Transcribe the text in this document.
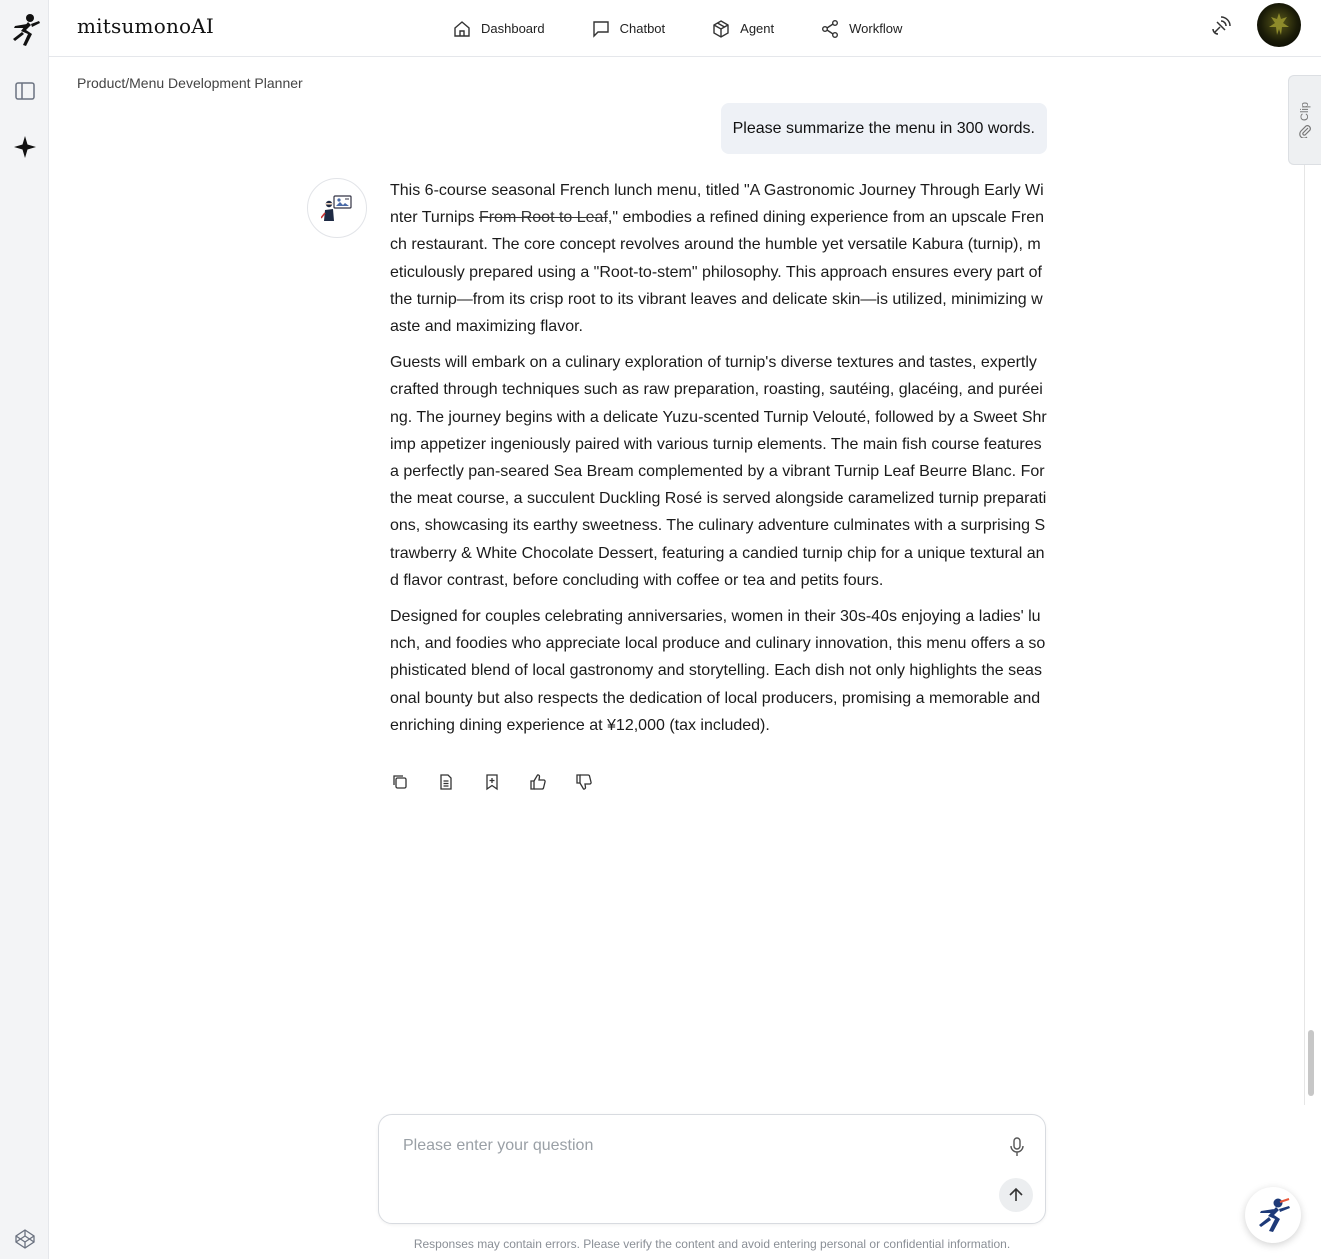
mitsumonoAI	Dashboard	Chatbot	Agent	Workflow
Product/Menu Development Planner
Clip
Please summarize the menu in 300 words.

This 6-course seasonal French lunch menu, titled "A Gastronomic Journey Through Early Winter Turnips From Root to Leaf," embodies a refined dining experience from an upscale French restaurant. The core concept revolves around the humble yet versatile Kabura (turnip), meticulously prepared using a "Root-to-stem" philosophy. This approach ensures every part of the turnip—from its crisp root to its vibrant leaves and delicate skin—is utilized, minimizing waste and maximizing flavor.

Guests will embark on a culinary exploration of turnip's diverse textures and tastes, expertly crafted through techniques such as raw preparation, roasting, sautéing, glacéing, and puréeing. The journey begins with a delicate Yuzu-scented Turnip Velouté, followed by a Sweet Shrimp appetizer ingeniously paired with various turnip elements. The main fish course features a perfectly pan-seared Sea Bream complemented by a vibrant Turnip Leaf Beurre Blanc. For the meat course, a succulent Duckling Rosé is served alongside caramelized turnip preparations, showcasing its earthy sweetness. The culinary adventure culminates with a surprising Strawberry & White Chocolate Dessert, featuring a candied turnip chip for a unique textural and flavor contrast, before concluding with coffee or tea and petits fours.

Designed for couples celebrating anniversaries, women in their 30s-40s enjoying a ladies' lunch, and foodies who appreciate local produce and culinary innovation, this menu offers a sophisticated blend of local gastronomy and storytelling. Each dish not only highlights the seasonal bounty but also respects the dedication of local producers, promising a memorable and enriching dining experience at ¥12,000 (tax included).

Please enter your question
Responses may contain errors. Please verify the content and avoid entering personal or confidential information.
